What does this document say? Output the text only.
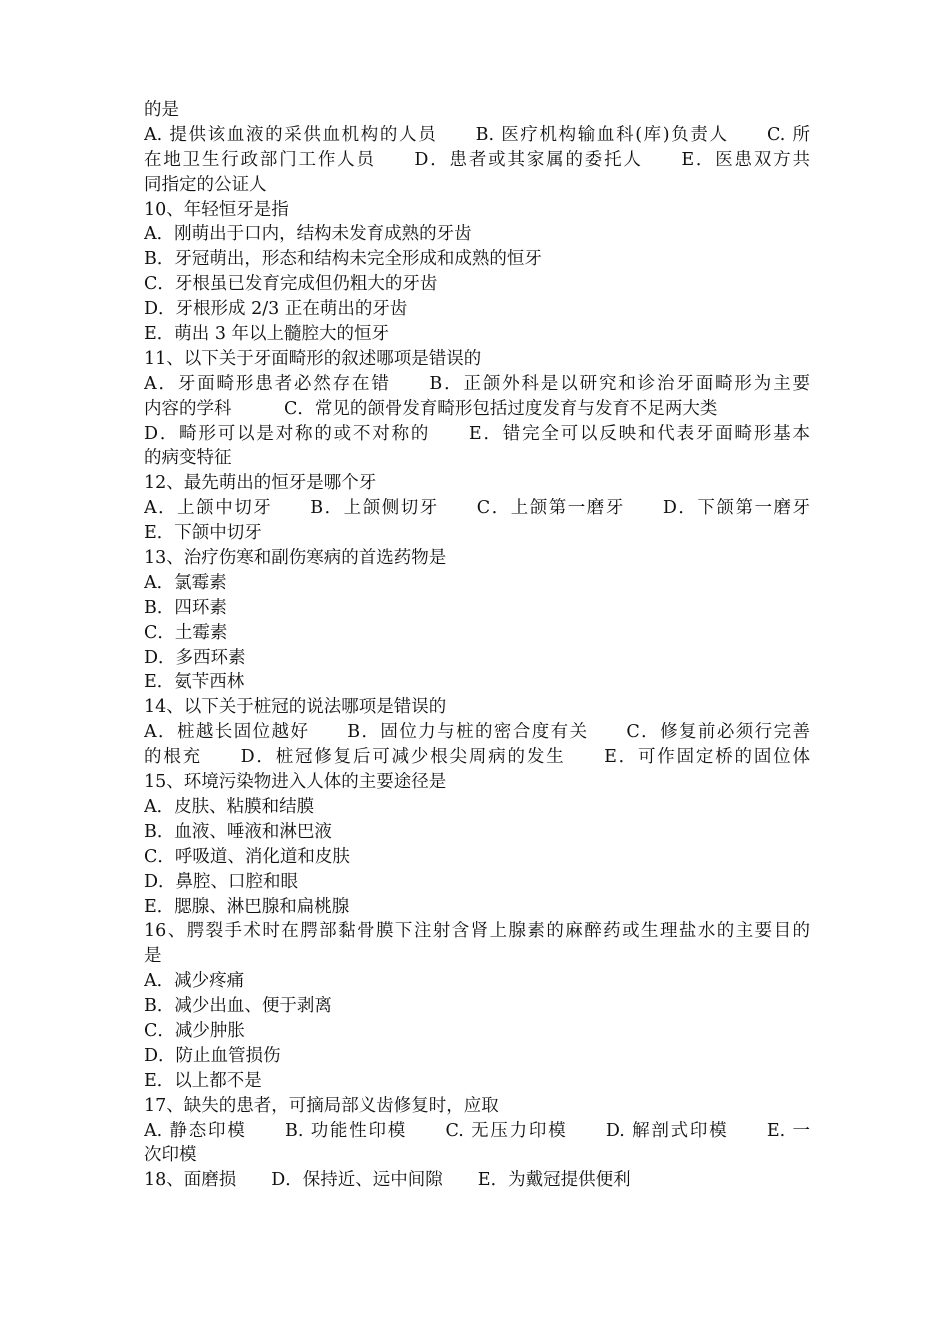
的是
A. 提供该血液的采供血机构的人员　　B. 医疗机构输血科(库)负责人　　C. 所
在地卫生行政部门工作人员　　D．患者或其家属的委托人　　E．医患双方共
同指定的公证人
10、年轻恒牙是指
A．刚萌出于口内，结构未发育成熟的牙齿
B．牙冠萌出，形态和结构未完全形成和成熟的恒牙
C．牙根虽已发育完成但仍粗大的牙齿
D．牙根形成 2/3 正在萌出的牙齿
E．萌出 3 年以上髓腔大的恒牙
11、以下关于牙面畸形的叙述哪项是错误的
A．牙面畸形患者必然存在错　　B．正颌外科是以研究和诊治牙面畸形为主要
内容的学科　　　C．常见的颌骨发育畸形包括过度发育与发育不足两大类
D．畸形可以是对称的或不对称的　　E．错完全可以反映和代表牙面畸形基本
的病变特征
12、最先萌出的恒牙是哪个牙
A．上颌中切牙　　B．上颌侧切牙　　C．上颌第一磨牙　　D．下颌第一磨牙
E．下颌中切牙
13、治疗伤寒和副伤寒病的首选药物是
A．氯霉素
B．四环素
C．土霉素
D．多西环素
E．氨苄西林
14、以下关于桩冠的说法哪项是错误的
A．桩越长固位越好　　B．固位力与桩的密合度有关　　C．修复前必须行完善
的根充　　D．桩冠修复后可减少根尖周病的发生　　E．可作固定桥的固位体
15、环境污染物进入人体的主要途径是
A．皮肤、粘膜和结膜
B．血液、唾液和淋巴液
C．呼吸道、消化道和皮肤
D．鼻腔、口腔和眼
E．腮腺、淋巴腺和扁桃腺
16、腭裂手术时在腭部黏骨膜下注射含肾上腺素的麻醉药或生理盐水的主要目的
是
A．减少疼痛
B．减少出血、便于剥离
C．减少肿胀
D．防止血管损伤
E．以上都不是
17、缺失的患者，可摘局部义齿修复时，应取
A. 静态印模　　B. 功能性印模　　C. 无压力印模　　D. 解剖式印模　　E. 一
次印模
18、面磨损　　D．保持近、远中间隙　　E．为戴冠提供便利
